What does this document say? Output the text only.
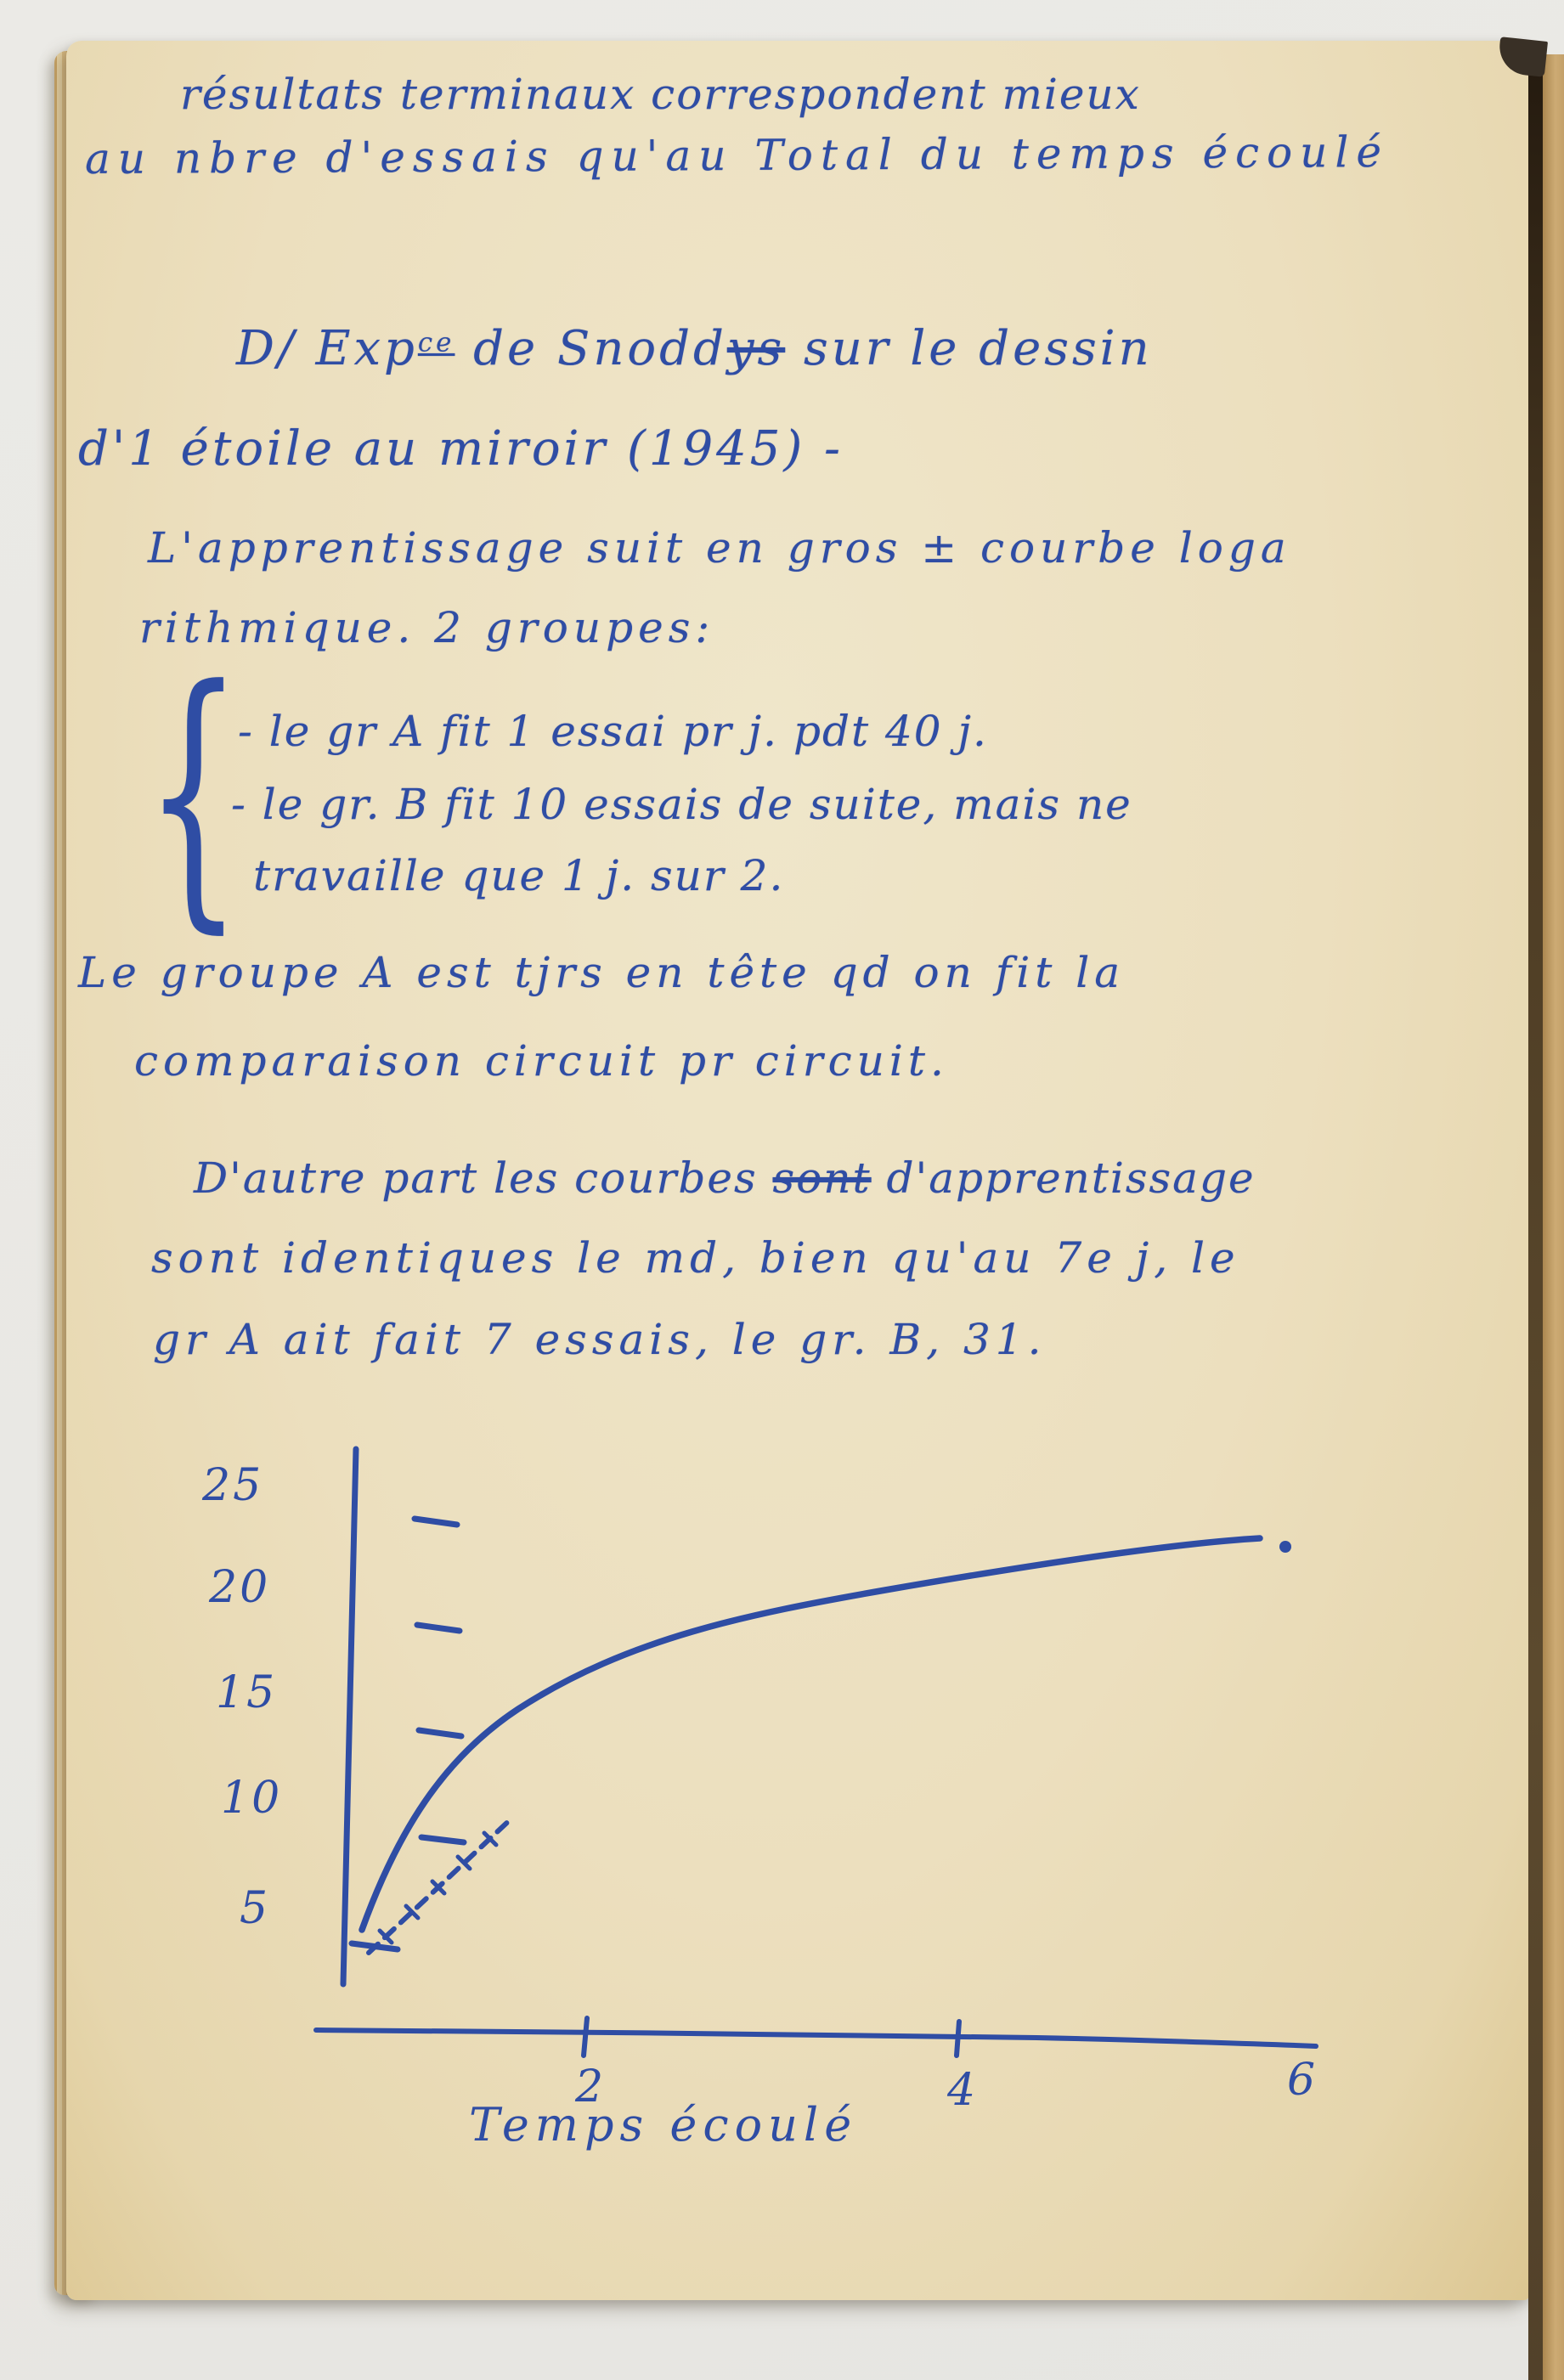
résultats terminaux correspondent mieux
au nbre d'essais qu'au Total du temps écoulé
D/ Exp$^{ce}$ de Snoddys sur le dessin
d'1 étoile au miroir (1945) -
L'apprentissage suit en gros ± courbe loga
rithmique. 2 groupes:
{
- le gr A fit 1 essai pr j. pdt 40 j.
- le gr. B fit 10 essais de suite, mais ne
travaille que 1 j. sur 2.
Le groupe A est tjrs en tête qd on fit la
comparaison circuit pr circuit.
D'autre part les courbes sont d'apprentissage
sont identiques le md, bien qu'au 7e j, le
gr A ait fait 7 essais, le gr. B, 31.
25
20
15
10
5
2	4	6
Temps écoulé
